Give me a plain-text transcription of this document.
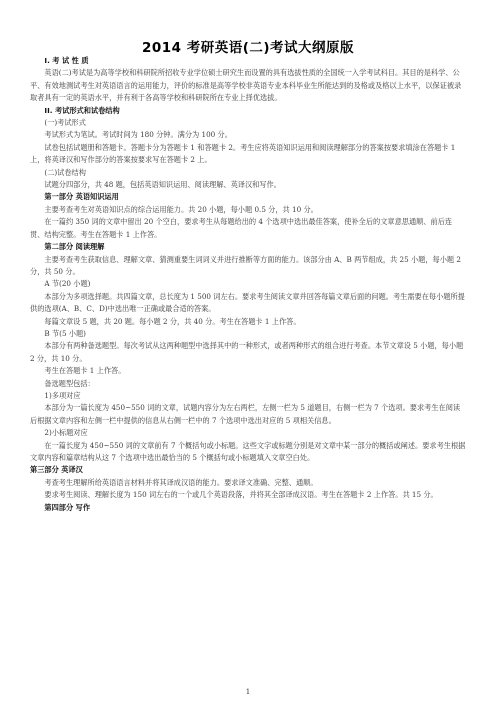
2014 考研英语(二)考试大纲原版

I. 考 试 性 质

英语(二)考试是为高等学校和科研院所招收专业学位硕士研究生而设置的具有选拔性质的全国统一入学考试科目。其目的是科学、公平、有效地测试考生对英语语言的运用能力，评价的标准是高等学校非英语专业本科毕业生所能达到的及格或及格以上水平，以保证被录取者具有一定的英语水平，并有利于各高等学校和科研院所在专业上择优选拔。

II. 考试形式和试卷结构

(一)考试形式

考试形式为笔试。考试时间为 180 分钟。满分为 100 分。

试卷包括试题册和答题卡。答题卡分为答题卡 1 和答题卡 2。考生应将英语知识运用和阅读理解部分的答案按要求填涂在答题卡 1 上，将英译汉和写作部分的答案按要求写在答题卡 2 上。

(二)试卷结构

试题分四部分，共 48 题，包括英语知识运用、阅读理解、英译汉和写作。

第一部分 英语知识运用

主要考查考生对英语知识点的综合运用能力。共 20 小题，每小题 0.5 分，共 10 分。

在一篇约 350 词的文章中留出 20 个空白，要求考生从每题给出的 4 个选项中选出最佳答案，使补全后的文章意思通顺、前后连贯、结构完整。考生在答题卡 1 上作答。

第二部分 阅读理解

主要考查考生获取信息、理解文章、猜测重要生词词义并进行推断等方面的能力。该部分由 A、B 两节组成，共 25 小题，每小题 2 分，共 50 分。

A 节(20 小题)

本部分为多项选择题。共四篇文章，总长度为 1 500 词左右。要求考生阅读文章并回答每篇文章后面的问题。考生需要在每小题所提供的选项(A、B、C、D)中选出唯一正确或最合适的答案。

每篇文章设 5 题，共 20 题。每小题 2 分，共 40 分。考生在答题卡 1 上作答。

B 节(5 小题)

本部分有两种备选题型。每次考试从这两种题型中选择其中的一种形式，或者两种形式的组合进行考查。本节文章设 5 小题，每小题 2 分，共 10 分。

考生在答题卡 1 上作答。

备选题型包括：

1)多项对应

本部分为一篇长度为 450~550 词的文章，试题内容分为左右两栏，左侧一栏为 5 道题目，右侧一栏为 7 个选项。要求考生在阅读后根据文章内容和左侧一栏中提供的信息从右侧一栏中的 7 个选项中选出对应的 5 项相关信息。

2)小标题对应

在一篇长度为 450~550 词的文章前有 7 个概括句或小标题。这些文字或标题分别是对文章中某一部分的概括或阐述。要求考生根据文章内容和篇章结构从这 7 个选项中选出最恰当的 5 个概括句或小标题填入文章空白处。

第三部分 英译汉

考查考生理解所给英语语言材料并将其译成汉语的能力。要求译文准确、完整、通顺。

要求考生阅读、理解长度为 150 词左右的一个或几个英语段落，并将其全部译成汉语。考生在答题卡 2 上作答。共 15 分。

第四部分 写作

1
